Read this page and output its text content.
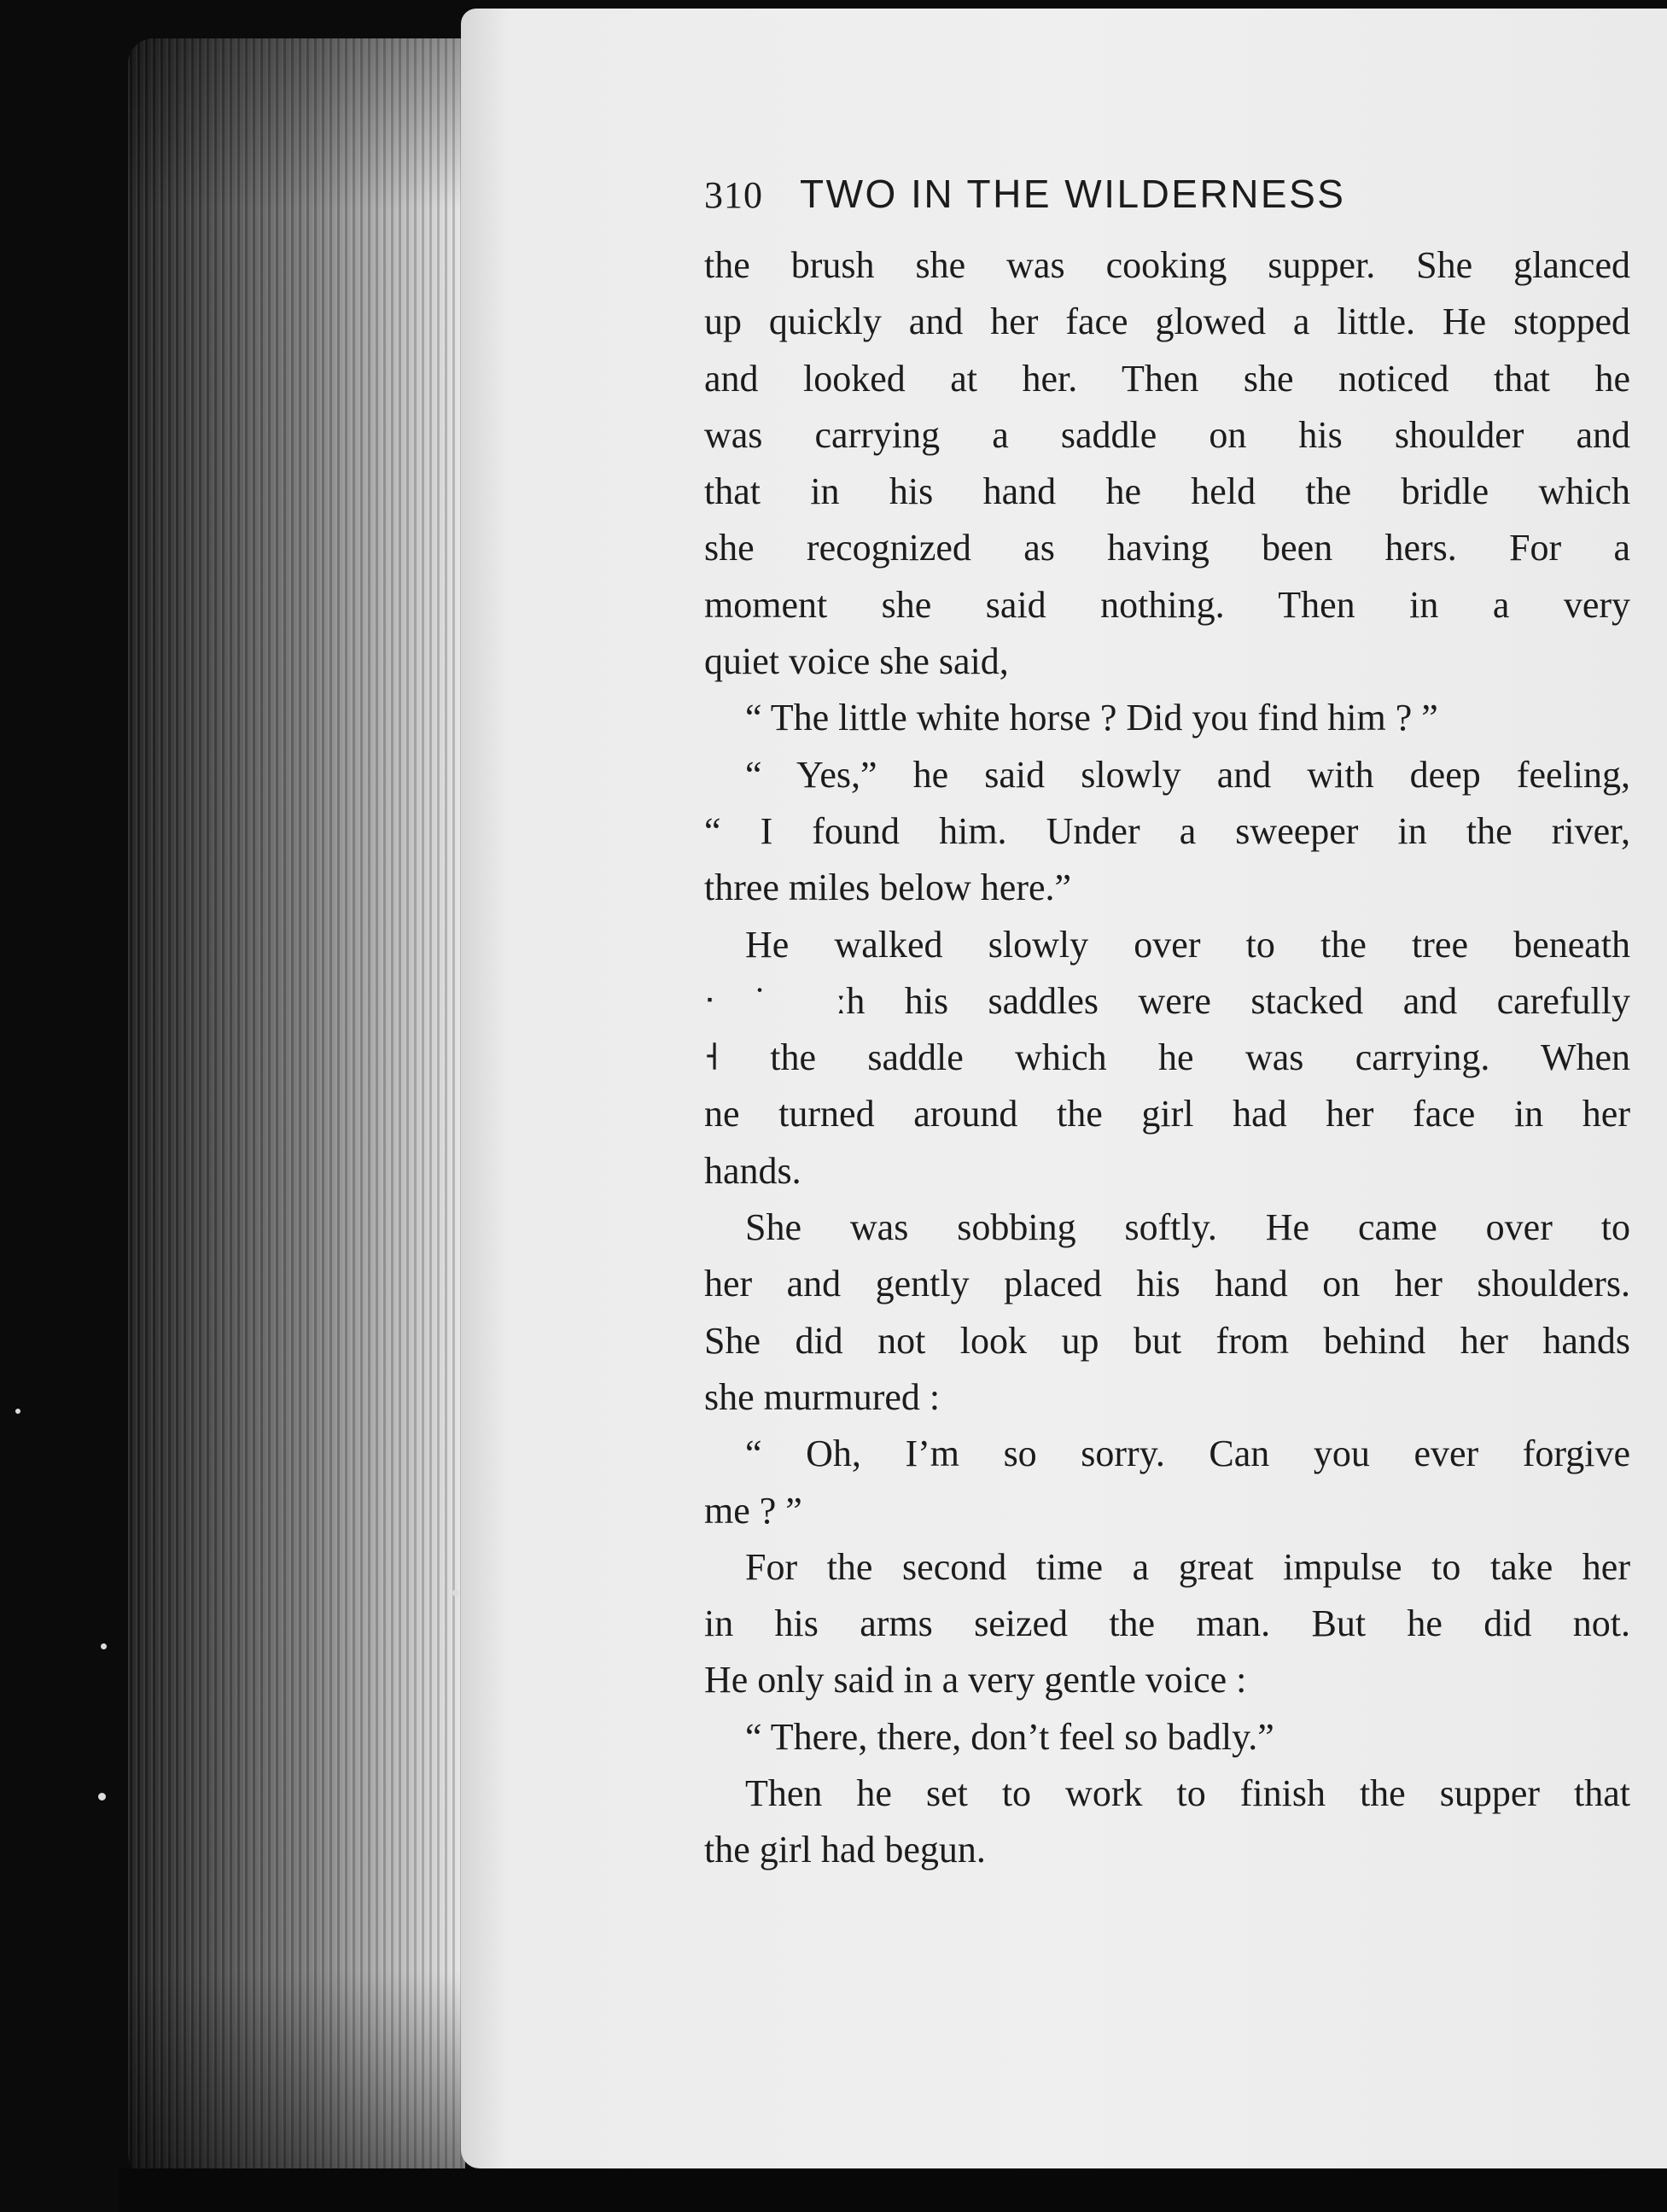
310 TWO IN THE WILDERNESS
the brush she was cooking supper. She glanced
up quickly and her face glowed a little. He stopped
and looked at her. Then she noticed that he
was carrying a saddle on his shoulder and
that in his hand he held the bridle which
she recognized as having been hers. For a
moment she said nothing. Then in a very
quiet voice she said,
“ The little white horse ? Did you find him ? ”
“ Yes,” he said slowly and with deep feeling,
“ I found him. Under a sweeper in the river,
three miles below here.”
He walked slowly over to the tree beneath
ᐧ ˙ ːh his saddles were stacked and carefully
˧ the saddle which he was carrying. When
ne turned around the girl had her face in her
hands.
She was sobbing softly. He came over to
her and gently placed his hand on her shoulders.
She did not look up but from behind her hands
she murmured :
“ Oh, I’m so sorry. Can you ever forgive
me ? ”
For the second time a great impulse to take her
in his arms seized the man. But he did not.
He only said in a very gentle voice :
“ There, there, don’t feel so badly.”
Then he set to work to finish the supper that
the girl had begun.
